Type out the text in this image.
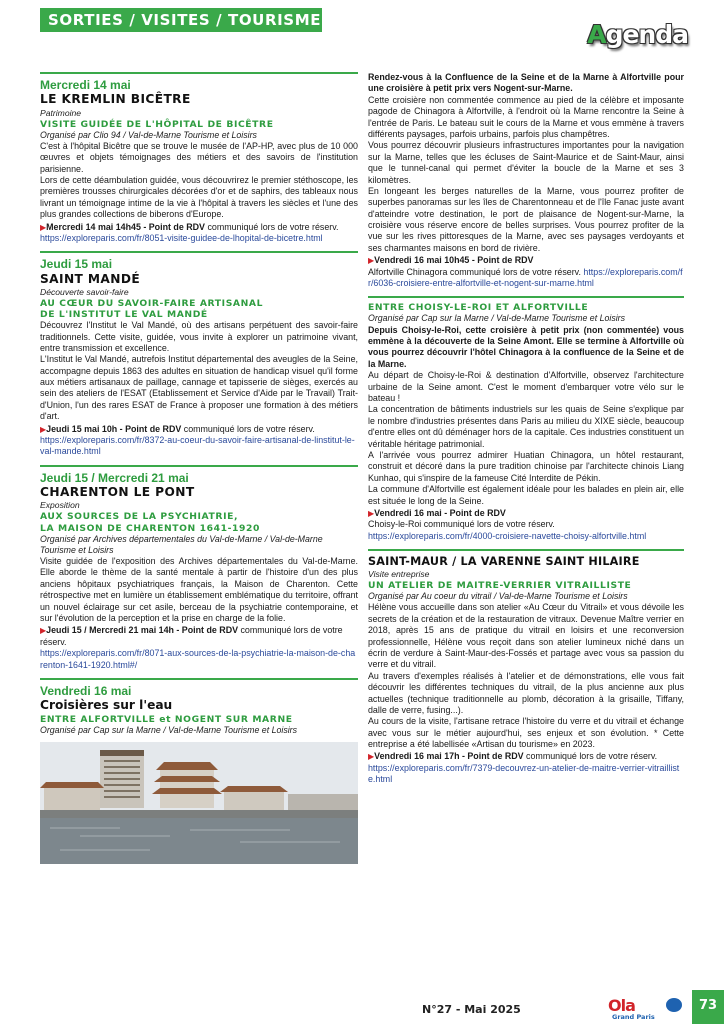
SORTIES / VISITES / TOURISME	Agenda
Mercredi 14 mai
LE KREMLIN BICÊTRE
Patrimoine
VISITE GUIDÉE DE L'HÔPITAL DE BICÊTRE
Organisé par Clio 94 / Val-de-Marne Tourisme et Loisirs
C'est à l'hôpital Bicêtre que se trouve le musée de l'AP-HP, avec plus de 10 000 œuvres et objets témoignages des métiers et des savoirs de l'institution parisienne.
Lors de cette déambulation guidée, vous découvrirez le premier stéthoscope, les premières trousses chirurgicales décorées d'or et de saphirs, des tableaux nous livrant un témoignage intime de la vie à l'hôpital à travers les siècles et l'une des plus grandes collections de biberons d'Europe.
▶Mercredi 14 mai 14h45 - Point de RDV communiqué lors de votre réserv.
https://exploreparis.com/fr/8051-visite-guidee-de-lhopital-de-bicetre.html
Jeudi 15 mai
SAINT MANDÉ
Découverte savoir-faire
AU CŒUR DU SAVOIR-FAIRE ARTISANAL
DE L'INSTITUT LE VAL MANDÉ
Découvrez l'Institut le Val Mandé, où des artisans perpétuent des savoir-faire traditionnels. Cette visite, guidée, vous invite à explorer un patrimoine vivant, entre transmission et excellence.
L'Institut le Val Mandé, autrefois Institut départemental des aveugles de la Seine, accompagne depuis 1863 des adultes en situation de handicap visuel qu'il forme aux métiers artisanaux de paillage, cannage et tapisserie de sièges, exercés au sein des ateliers de l'ESAT (Etablissement et Service d'Aide par le Travail) Trait-d'Union, l'un des rares ESAT de France à proposer une formation à des métiers d'art.
▶Jeudi 15 mai 10h - Point de RDV communiqué lors de votre réserv.
https://exploreparis.com/fr/8372-au-coeur-du-savoir-faire-artisanal-de-linstitut-le-val-mande.html
Jeudi 15 / Mercredi 21 mai
CHARENTON LE PONT
Exposition
AUX SOURCES DE LA PSYCHIATRIE,
LA MAISON DE CHARENTON 1641-1920
Organisé par Archives départementales du Val-de-Marne / Val-de-Marne Tourisme et Loisirs
Visite guidée de l'exposition des Archives départementales du Val-de-Marne. Elle aborde le thème de la santé mentale à partir de l'histoire d'un des plus anciens hôpitaux psychiatriques français, la Maison de Charenton. Cette rétrospective met en lumière un établissement emblématique du territoire, offrant un nouvel éclairage sur cet asile, berceau de la psychiatrie contemporaine, et sur l'évolution de la perception et la prise en charge de la folie.
▶Jeudi 15 / Mercredi 21 mai 14h - Point de RDV communiqué lors de votre réserv.
https://exploreparis.com/fr/8071-aux-sources-de-la-psychiatrie-la-maison-de-charenton-1641-1920.html#/
Vendredi 16 mai
Croisières sur l'eau
ENTRE ALFORTVILLE et NOGENT SUR MARNE
Organisé par Cap sur la Marne / Val-de-Marne Tourisme et Loisirs
Rendez-vous à la Confluence de la Seine et de la Marne à Alfortville pour une croisière à petit prix vers Nogent-sur-Marne.
Cette croisière non commentée commence au pied de la célèbre et imposante pagode de Chinagora à Alfortville, à l'endroit où la Marne rencontre la Seine à l'entrée de Paris. Le bateau suit le cours de la Marne et vous emmène à travers différents paysages, parfois urbains, parfois plus champêtres.
Vous pourrez découvrir plusieurs infrastructures importantes pour la navigation sur la Marne, telles que les écluses de Saint-Maurice et de Saint-Maur, ainsi que le tunnel-canal qui permet d'éviter la boucle de la Marne et ses 3 kilomètres.
En longeant les berges naturelles de la Marne, vous pourrez profiter de superbes panoramas sur les îles de Charentonneau et de l'île Fanac juste avant d'atteindre votre destination, le port de plaisance de Nogent-sur-Marne, la croisière vous réserve encore de belles surprises. Vous pourrez profiter de la vue sur les rives pittoresques de la Marne, avec ses paysages verdoyants et ses charmantes maisons en bord de rivière.
▶Vendredi 16 mai 10h45 - Point de RDV
Alfortville Chinagora communiqué lors de votre réserv. https://exploreparis.com/fr/6036-croisiere-entre-alfortville-et-nogent-sur-marne.html
ENTRE CHOISY-LE-ROI ET ALFORTVILLE
Organisé par Cap sur la Marne / Val-de-Marne Tourisme et Loisirs
Depuis Choisy-le-Roi, cette croisière à petit prix (non commentée) vous emmène à la découverte de la Seine Amont. Elle se termine à Alfortville où vous pourrez découvrir l'hôtel Chinagora à la confluence de la Seine et de la Marne.
Au départ de Choisy-le-Roi & destination d'Alfortville, observez l'architecture urbaine de la Seine amont. C'est le moment d'embarquer votre vélo sur le bateau !
La concentration de bâtiments industriels sur les quais de Seine s'explique par le nombre d'industries présentes dans Paris au milieu du XIXE siècle, beaucoup d'entre elles ont dû déménager hors de la capitale. Ces industries constituent un véritable héritage patrimonial.
A l'arrivée vous pourrez admirer Huatian Chinagora, un hôtel restaurant, construit et décoré dans la pure tradition chinoise par l'architecte chinois Liang Kunhao, qui s'inspire de la fameuse Cité Interdite de Pékin.
La commune d'Alfortville est également idéale pour les balades en plein air, elle est située le long de la Seine.
▶Vendredi 16 mai - Point de RDV
Choisy-le-Roi communiqué lors de votre réserv.
https://exploreparis.com/fr/4000-croisiere-navette-choisy-alfortville.html
SAINT-MAUR / LA VARENNE SAINT HILAIRE
Visite entreprise
UN ATELIER DE MAITRE-VERRIER VITRAILLISTE
Organisé par Au coeur du vitrail / Val-de-Marne Tourisme et Loisirs
Hélène vous accueille dans son atelier «Au Cœur du Vitrail» et vous dévoile les secrets de la création et de la restauration de vitraux. Devenue Maître verrier en 2018, après 15 ans de pratique du vitrail en loisirs et une reconversion professionnelle, Hélène vous reçoit dans son atelier lumineux niché dans un écrin de verdure à Saint-Maur-des-Fossés et partage avec vous sa passion du verre et du vitrail.
Au travers d'exemples réalisés à l'atelier et de démonstrations, elle vous fait découvrir les différentes techniques du vitrail, de la plus ancienne aux plus actuelles (technique traditionnelle au plomb, décoration à la grisaille, Tiffany, dalle de verre, fusing...).
Au cours de la visite, l'artisane retrace l'histoire du verre et du vitrail et échange avec vous sur le métier aujourd'hui, ses enjeux et son évolution. * Cette entreprise a été labellisée «Artisan du tourisme» en 2023.
▶Vendredi 16 mai 17h - Point de RDV communiqué lors de votre réserv.
https://exploreparis.com/fr/7379-decouvrez-un-atelier-de-maitre-verrier-vitrailliste.html
N°27 - Mai 2025	Ola
Grand Paris
73
